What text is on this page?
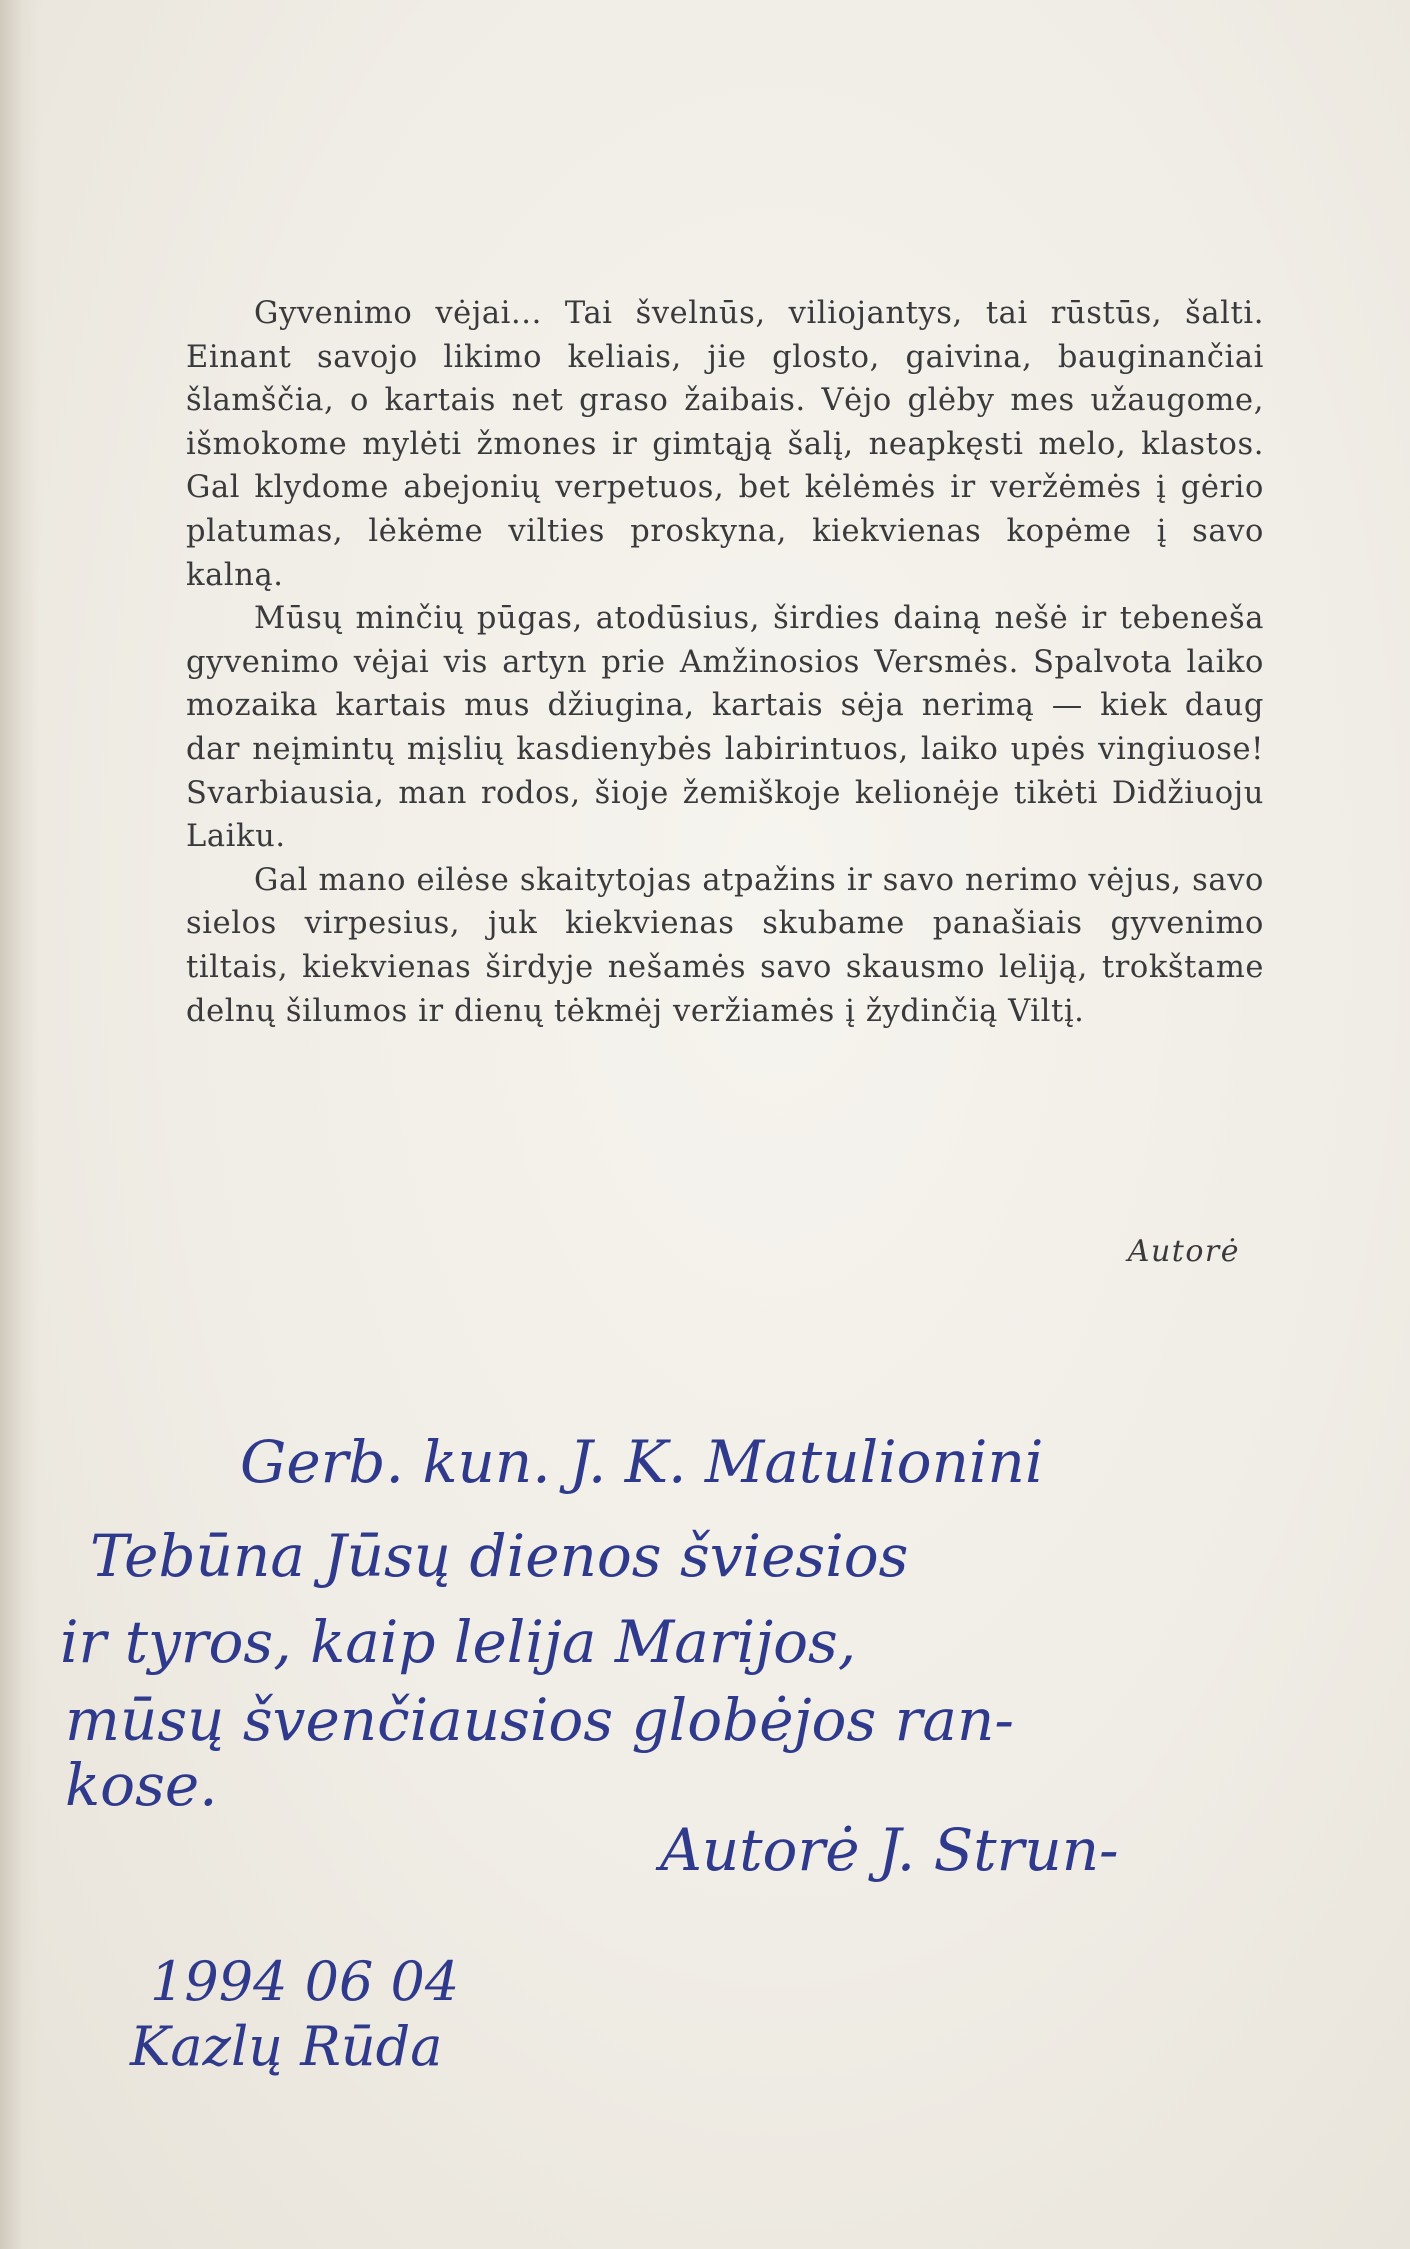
Gyvenimo vėjai... Tai švelnūs, viliojantys, tai rūstūs, šalti. Einant savojo likimo keliais, jie glosto, gaivina, bauginančiai šlamščia, o kartais net graso žaibais. Vėjo glėby mes užaugome, išmokome mylėti žmones ir gimtąją šalį, neapkęsti melo, klastos. Gal klydome abejonių verpetuos, bet kėlėmės ir veržėmės į gėrio platumas, lėkėme vilties proskyna, kiekvienas kopėme į savo kalną.

Mūsų minčių pūgas, atodūsius, širdies dainą nešė ir tebeneša gyvenimo vėjai vis artyn prie Amžinosios Versmės. Spalvota laiko mozaika kartais mus džiugina, kartais sėja nerimą — kiek daug dar neįmintų mįslių kasdienybės labirintuos, laiko upės vingiuose! Svarbiausia, man rodos, šioje žemiškoje kelionėje tikėti Didžiuoju Laiku.

Gal mano eilėse skaitytojas atpažins ir savo nerimo vėjus, savo sielos virpesius, juk kiekvienas skubame panašiais gyvenimo tiltais, kiekvienas širdyje nešamės savo skausmo leliją, trokštame delnų šilumos ir dienų tėkmėj veržiamės į žydinčią Viltį.

Autorė
Gerb. kun. J. K. Matulionini
Tebūna Jūsų dienos šviesios
ir tyros, kaip lelija Marijos,
mūsų švenčiausios globėjos ran-
kose.
Autorė J. Strun-
1994 06 04
Kazlų Rūda
